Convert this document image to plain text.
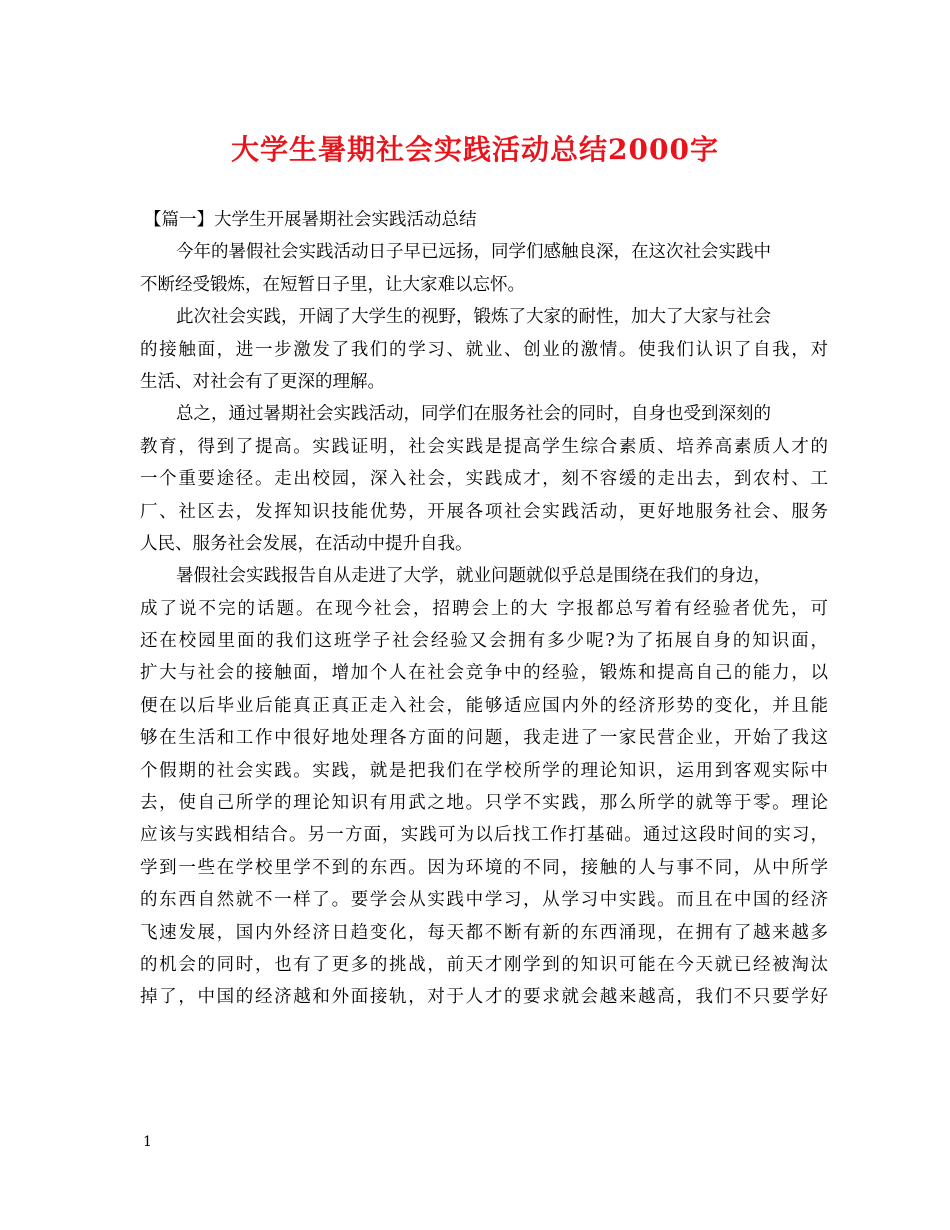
大学生暑期社会实践活动总结2000字
【篇一】大学生开展暑期社会实践活动总结
今年的暑假社会实践活动日子早已远扬，同学们感触良深，在这次社会实践中
不断经受锻炼，在短暂日子里，让大家难以忘怀。
此次社会实践，开阔了大学生的视野，锻炼了大家的耐性，加大了大家与社会
的接触面，进一步激发了我们的学习、就业、创业的激情。使我们认识了自我，对
生活、对社会有了更深的理解。
总之，通过暑期社会实践活动，同学们在服务社会的同时，自身也受到深刻的
教育，得到了提高。实践证明，社会实践是提高学生综合素质、培养高素质人才的
一个重要途径。走出校园，深入社会，实践成才，刻不容缓的走出去，到农村、工
厂、社区去，发挥知识技能优势，开展各项社会实践活动，更好地服务社会、服务
人民、服务社会发展，在活动中提升自我。
暑假社会实践报告自从走进了大学，就业问题就似乎总是围绕在我们的身边，
成了说不完的话题。在现今社会，招聘会上的大 字报都总写着有经验者优先，可
还在校园里面的我们这班学子社会经验又会拥有多少呢?为了拓展自身的知识面，
扩大与社会的接触面，增加个人在社会竞争中的经验，锻炼和提高自己的能力，以
便在以后毕业后能真正真正走入社会，能够适应国内外的经济形势的变化，并且能
够在生活和工作中很好地处理各方面的问题，我走进了一家民营企业，开始了我这
个假期的社会实践。实践，就是把我们在学校所学的理论知识，运用到客观实际中
去，使自己所学的理论知识有用武之地。只学不实践，那么所学的就等于零。理论
应该与实践相结合。另一方面，实践可为以后找工作打基础。通过这段时间的实习，
学到一些在学校里学不到的东西。因为环境的不同，接触的人与事不同，从中所学
的东西自然就不一样了。要学会从实践中学习，从学习中实践。而且在中国的经济
飞速发展，国内外经济日趋变化，每天都不断有新的东西涌现，在拥有了越来越多
的机会的同时，也有了更多的挑战，前天才刚学到的知识可能在今天就已经被淘汰
掉了，中国的经济越和外面接轨，对于人才的要求就会越来越高，我们不只要学好
1
